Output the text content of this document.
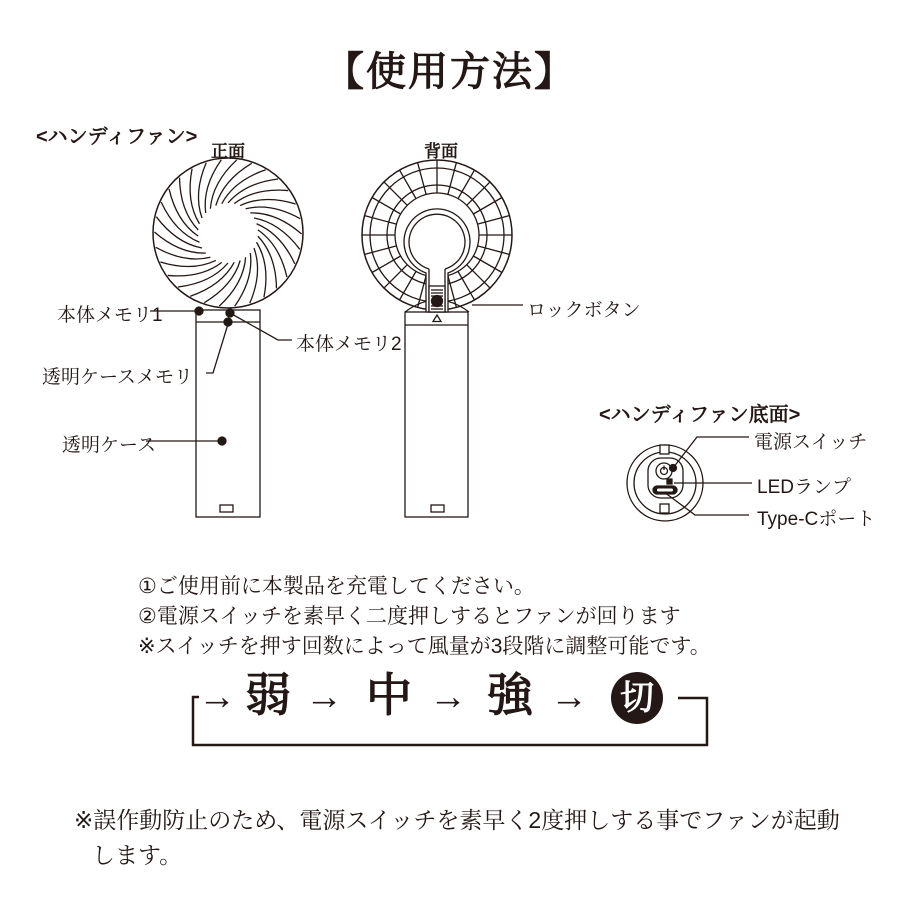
【使用方法】
<ハンディファン>
正面	背面
本体メモリ1
本体メモリ2
透明ケースメモリ
透明ケース
ロックボタン
<ハンディファン底面>
電源スイッチ
LEDランプ
Type-Cポート
①ご使用前に本製品を充電してください。
②電源スイッチを素早く二度押しするとファンが回ります
※スイッチを押す回数によって風量が3段階に調整可能です。
→ 弱 → 中 → 強 → 切
※誤作動防止のため、電源スイッチを素早く2度押しする事でファンが起動
します。
